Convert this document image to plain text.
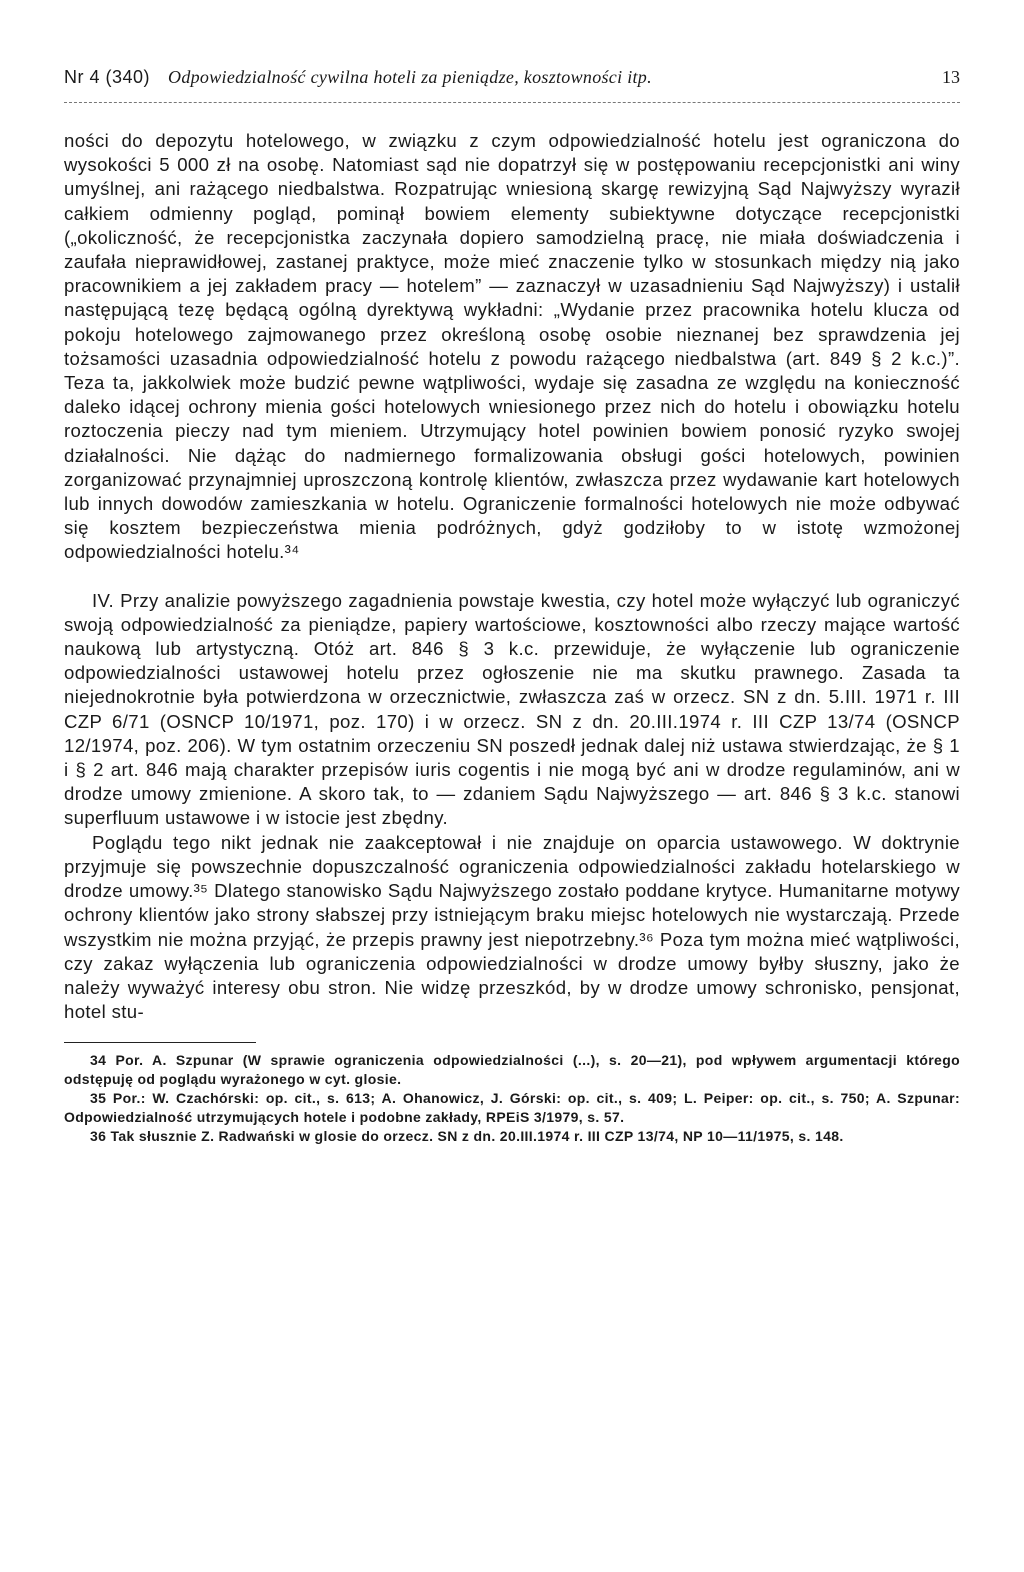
Nr 4 (340) Odpowiedzialność cywilna hoteli za pieniądze, kosztowności itp.	13

ności do depozytu hotelowego, w związku z czym odpowiedzialność hotelu jest ograniczona do wysokości 5 000 zł na osobę. Natomiast sąd nie dopatrzył się w postępowaniu recepcjonistki ani winy umyślnej, ani rażącego niedbalstwa. Rozpatrując wniesioną skargę rewizyjną Sąd Najwyższy wyraził całkiem odmienny pogląd, pominął bowiem elementy subiektywne dotyczące recepcjonistki („okoliczność, że recepcjonistka zaczynała dopiero samodzielną pracę, nie miała doświadczenia i zaufała nieprawidłowej, zastanej praktyce, może mieć znaczenie tylko w stosunkach między nią jako pracownikiem a jej zakładem pracy — hotelem” — zaznaczył w uzasadnieniu Sąd Najwyższy) i ustalił następującą tezę będącą ogólną dyrektywą wykładni: „Wydanie przez pracownika hotelu klucza od pokoju hotelowego zajmowanego przez określoną osobę osobie nieznanej bez sprawdzenia jej tożsamości uzasadnia odpowiedzialność hotelu z powodu rażącego niedbalstwa (art. 849 § 2 k.c.)”. Teza ta, jakkolwiek może budzić pewne wątpliwości, wydaje się zasadna ze względu na konieczność daleko idącej ochrony mienia gości hotelowych wniesionego przez nich do hotelu i obowiązku hotelu roztoczenia pieczy nad tym mieniem. Utrzymujący hotel powinien bowiem ponosić ryzyko swojej działalności. Nie dążąc do nadmiernego formalizowania obsługi gości hotelowych, powinien zorganizować przynajmniej uproszczoną kontrolę klientów, zwłaszcza przez wydawanie kart hotelowych lub innych dowodów zamieszkania w hotelu. Ograniczenie formalności hotelowych nie może odbywać się kosztem bezpieczeństwa mienia podróżnych, gdyż godziłoby to w istotę wzmożonej odpowiedzialności hotelu.³⁴

IV. Przy analizie powyższego zagadnienia powstaje kwestia, czy hotel może wyłączyć lub ograniczyć swoją odpowiedzialność za pieniądze, papiery wartościowe, kosztowności albo rzeczy mające wartość naukową lub artystyczną. Otóż art. 846 § 3 k.c. przewiduje, że wyłączenie lub ograniczenie odpowiedzialności ustawowej hotelu przez ogłoszenie nie ma skutku prawnego. Zasada ta niejednokrotnie była potwierdzona w orzecznictwie, zwłaszcza zaś w orzecz. SN z dn. 5.III. 1971 r. III CZP 6/71 (OSNCP 10/1971, poz. 170) i w orzecz. SN z dn. 20.III.1974 r. III CZP 13/74 (OSNCP 12/1974, poz. 206). W tym ostatnim orzeczeniu SN poszedł jednak dalej niż ustawa stwierdzając, że § 1 i § 2 art. 846 mają charakter przepisów iuris cogentis i nie mogą być ani w drodze regulaminów, ani w drodze umowy zmienione. A skoro tak, to — zdaniem Sądu Najwyższego — art. 846 § 3 k.c. stanowi superfluum ustawowe i w istocie jest zbędny.

Poglądu tego nikt jednak nie zaakceptował i nie znajduje on oparcia ustawowego. W doktrynie przyjmuje się powszechnie dopuszczalność ograniczenia odpowiedzialności zakładu hotelarskiego w drodze umowy.³⁵ Dlatego stanowisko Sądu Najwyższego zostało poddane krytyce. Humanitarne motywy ochrony klientów jako strony słabszej przy istniejącym braku miejsc hotelowych nie wystarczają. Przede wszystkim nie można przyjąć, że przepis prawny jest niepotrzebny.³⁶ Poza tym można mieć wątpliwości, czy zakaz wyłączenia lub ograniczenia odpowiedzialności w drodze umowy byłby słuszny, jako że należy wyważyć interesy obu stron. Nie widzę przeszkód, by w drodze umowy schronisko, pensjonat, hotel stu-

34 Por. A. Szpunar (W sprawie ograniczenia odpowiedzialności (...), s. 20—21), pod wpływem argumentacji którego odstępuję od poglądu wyrażonego w cyt. glosie.

35 Por.: W. Czachórski: op. cit., s. 613; A. Ohanowicz, J. Górski: op. cit., s. 409; L. Peiper: op. cit., s. 750; A. Szpunar: Odpowiedzialność utrzymujących hotele i podobne zakłady, RPEiS 3/1979, s. 57.

36 Tak słusznie Z. Radwański w glosie do orzecz. SN z dn. 20.III.1974 r. III CZP 13/74, NP 10—11/1975, s. 148.
